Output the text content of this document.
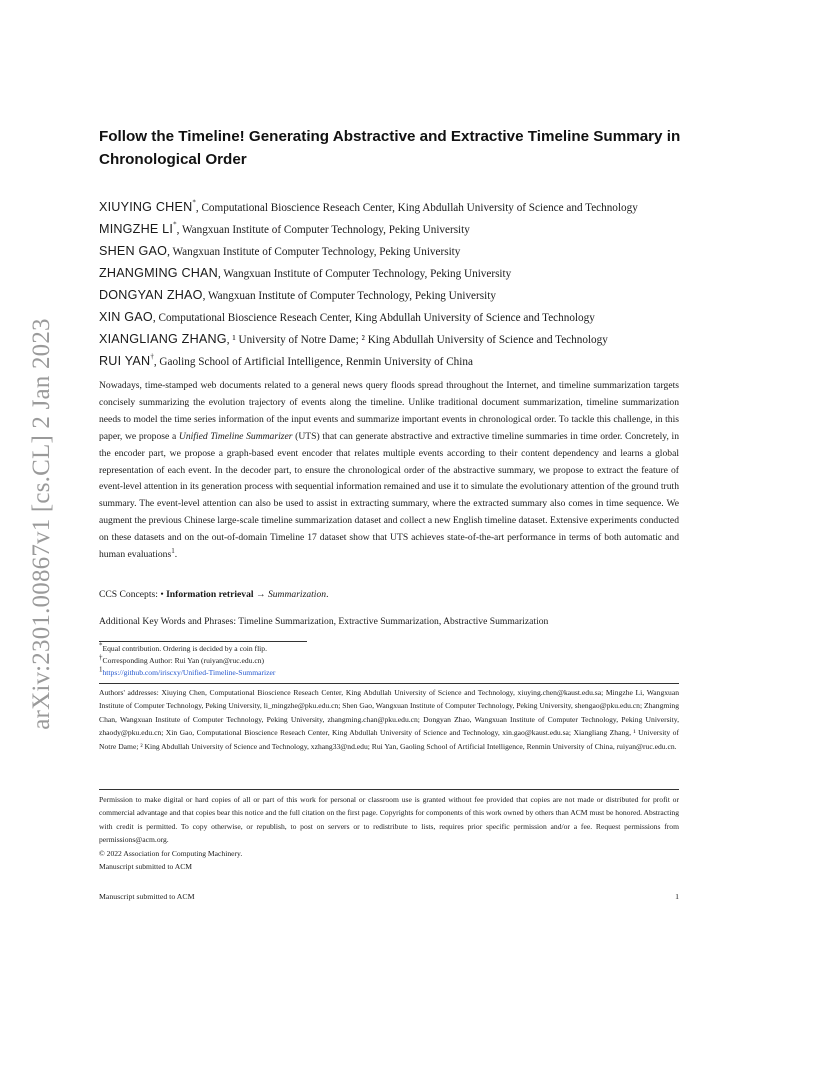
arXiv:2301.00867v1 [cs.CL] 2 Jan 2023
Follow the Timeline! Generating Abstractive and Extractive Timeline Summary in Chronological Order
XIUYING CHEN*, Computational Bioscience Reseach Center, King Abdullah University of Science and Technology
MINGZHE LI*, Wangxuan Institute of Computer Technology, Peking University
SHEN GAO, Wangxuan Institute of Computer Technology, Peking University
ZHANGMING CHAN, Wangxuan Institute of Computer Technology, Peking University
DONGYAN ZHAO, Wangxuan Institute of Computer Technology, Peking University
XIN GAO, Computational Bioscience Reseach Center, King Abdullah University of Science and Technology
XIANGLIANG ZHANG, ¹ University of Notre Dame; ² King Abdullah University of Science and Technology
RUI YAN†, Gaoling School of Artificial Intelligence, Renmin University of China
Nowadays, time-stamped web documents related to a general news query floods spread throughout the Internet, and timeline summarization targets concisely summarizing the evolution trajectory of events along the timeline. Unlike traditional document summarization, timeline summarization needs to model the time series information of the input events and summarize important events in chronological order. To tackle this challenge, in this paper, we propose a Unified Timeline Summarizer (UTS) that can generate abstractive and extractive timeline summaries in time order. Concretely, in the encoder part, we propose a graph-based event encoder that relates multiple events according to their content dependency and learns a global representation of each event. In the decoder part, to ensure the chronological order of the abstractive summary, we propose to extract the feature of event-level attention in its generation process with sequential information remained and use it to simulate the evolutionary attention of the ground truth summary. The event-level attention can also be used to assist in extracting summary, where the extracted summary also comes in time sequence. We augment the previous Chinese large-scale timeline summarization dataset and collect a new English timeline dataset. Extensive experiments conducted on these datasets and on the out-of-domain Timeline 17 dataset show that UTS achieves state-of-the-art performance in terms of both automatic and human evaluations$^1$.
CCS Concepts: • Information retrieval → Summarization.
Additional Key Words and Phrases: Timeline Summarization, Extractive Summarization, Abstractive Summarization
*Equal contribution. Ordering is decided by a coin flip.
†Corresponding Author: Rui Yan (ruiyan@ruc.edu.cn)
$^1$https://github.com/iriscxy/Unified-Timeline-Summarizer
Authors' addresses: Xiuying Chen, Computational Bioscience Reseach Center, King Abdullah University of Science and Technology, xiuying.chen@kaust.edu.sa; Mingzhe Li, Wangxuan Institute of Computer Technology, Peking University, li_mingzhe@pku.edu.cn; Shen Gao, Wangxuan Institute of Computer Technology, Peking University, shengao@pku.edu.cn; Zhangming Chan, Wangxuan Institute of Computer Technology, Peking University, zhangming.chan@pku.edu.cn; Dongyan Zhao, Wangxuan Institute of Computer Technology, Peking University, zhaody@pku.edu.cn; Xin Gao, Computational Bioscience Reseach Center, King Abdullah University of Science and Technology, xin.gao@kaust.edu.sa; Xiangliang Zhang, ¹ University of Notre Dame; ² King Abdullah University of Science and Technology, xzhang33@nd.edu; Rui Yan, Gaoling School of Artificial Intelligence, Renmin University of China, ruiyan@ruc.edu.cn.
Permission to make digital or hard copies of all or part of this work for personal or classroom use is granted without fee provided that copies are not made or distributed for profit or commercial advantage and that copies bear this notice and the full citation on the first page. Copyrights for components of this work owned by others than ACM must be honored. Abstracting with credit is permitted. To copy otherwise, or republish, to post on servers or to redistribute to lists, requires prior specific permission and/or a fee. Request permissions from permissions@acm.org.
© 2022 Association for Computing Machinery.
Manuscript submitted to ACM
Manuscript submitted to ACM	1
